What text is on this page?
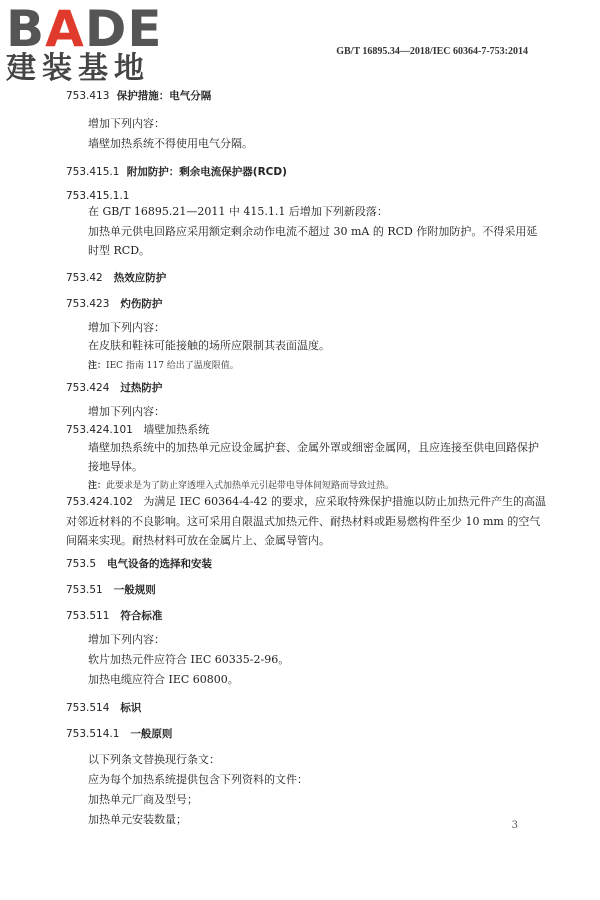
BADE
建装基地	GB/T 16895.34—2018/IEC 60364-7-753:2014
753.413 保护措施：电气分隔

增加下列内容：

墙壁加热系统不得使用电气分隔。

753.415.1 附加防护：剩余电流保护器(RCD)
753.415.1.1

在 GB/T 16895.21—2011 中 415.1.1 后增加下列新段落：

加热单元供电回路应采用额定剩余动作电流不超过 30 mA 的 RCD 作附加防护。不得采用延时型 RCD。

753.42 热效应防护
753.423 灼伤防护

增加下列内容：

在皮肤和鞋袜可能接触的场所应限制其表面温度。

注：IEC 指南 117 给出了温度限值。
753.424 过热防护

增加下列内容：

753.424.101 墙壁加热系统

墙壁加热系统中的加热单元应设金属护套、金属外罩或细密金属网，且应连接至供电回路保护接地导体。

注：此要求是为了防止穿透埋入式加热单元引起带电导体间短路而导致过热。
753.424.102 为满足 IEC 60364-4-42 的要求，应采取特殊保护措施以防止加热元件产生的高温对邻近材料的不良影响。这可采用自限温式加热元件、耐热材料或距易燃构件至少 10 mm 的空气间隔来实现。耐热材料可放在金属片上、金属导管内。
753.5 电气设备的选择和安装
753.51 一般规则
753.511 符合标准

增加下列内容：

软片加热元件应符合 IEC 60335-2-96。

加热电缆应符合 IEC 60800。

753.514 标识
753.514.1 一般原则

以下列条文替换现行条文：

应为每个加热系统提供包含下列资料的文件：

加热单元厂商及型号；

加热单元安装数量；	3
